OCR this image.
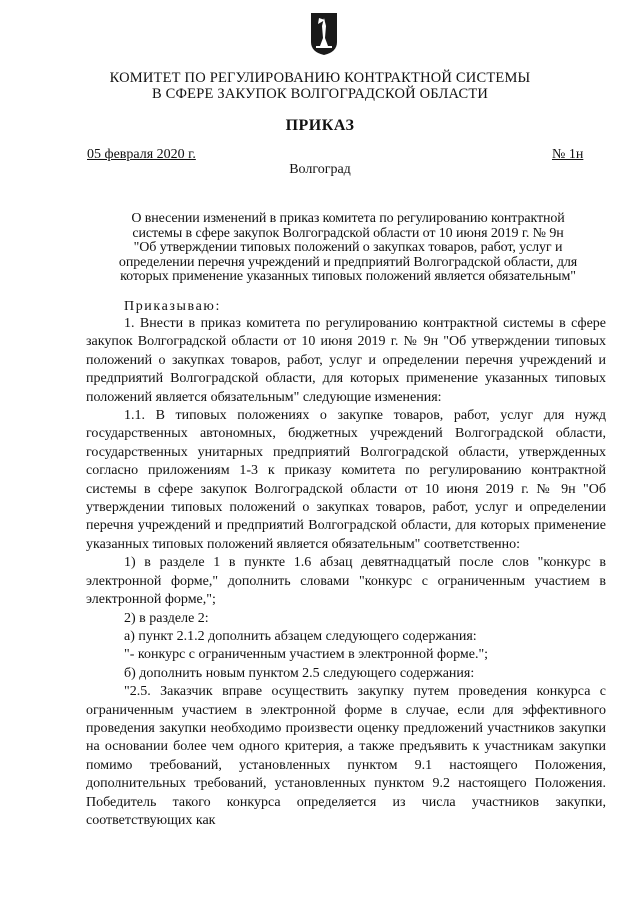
КОМИТЕТ ПО РЕГУЛИРОВАНИЮ КОНТРАКТНОЙ СИСТЕМЫ
В СФЕРЕ ЗАКУПОК ВОЛГОГРАДСКОЙ ОБЛАСТИ
ПРИКАЗ
05 февраля 2020 г.	№ 1н
Волгоград
О внесении изменений в приказ комитета по регулированию контрактной
системы в сфере закупок Волгоградской области от 10 июня 2019 г. № 9н
"Об утверждении типовых положений о закупках товаров, работ, услуг и
определении перечня учреждений и предприятий Волгоградской области, для
которых применение указанных типовых положений является обязательным"
Приказываю:

1. Внести в приказ комитета по регулированию контрактной системы в сфере закупок Волгоградской области от 10 июня 2019 г. № 9н "Об утверждении типовых положений о закупках товаров, работ, услуг и определении перечня учреждений и предприятий Волгоградской области, для которых применение указанных типовых положений является обязательным" следующие изменения:

1.1. В типовых положениях о закупке товаров, работ, услуг для нужд государственных автономных, бюджетных учреждений Волгоградской области, государственных унитарных предприятий Волгоградской области, утвержденных согласно приложениям 1-3 к приказу комитета по регулированию контрактной системы в сфере закупок Волгоградской области от 10 июня 2019 г. № 9н "Об утверждении типовых положений о закупках товаров, работ, услуг и определении перечня учреждений и предприятий Волгоградской области, для которых применение указанных типовых положений является обязательным" соответственно:

1) в разделе 1 в пункте 1.6 абзац девятнадцатый после слов "конкурс в электронной форме," дополнить словами "конкурс с ограниченным участием в электронной форме,";

2) в разделе 2:

а) пункт 2.1.2 дополнить абзацем следующего содержания:

"- конкурс с ограниченным участием в электронной форме.";

б) дополнить новым пунктом 2.5 следующего содержания:

"2.5. Заказчик вправе осуществить закупку путем проведения конкурса с ограниченным участием в электронной форме в случае, если для эффективного проведения закупки необходимо произвести оценку предложений участников закупки на основании более чем одного критерия, а также предъявить к участникам закупки помимо требований, установленных пунктом 9.1 настоящего Положения, дополнительных требований, установленных пунктом 9.2 настоящего Положения. Победитель такого конкурса определяется из числа участников закупки, соответствующих как
